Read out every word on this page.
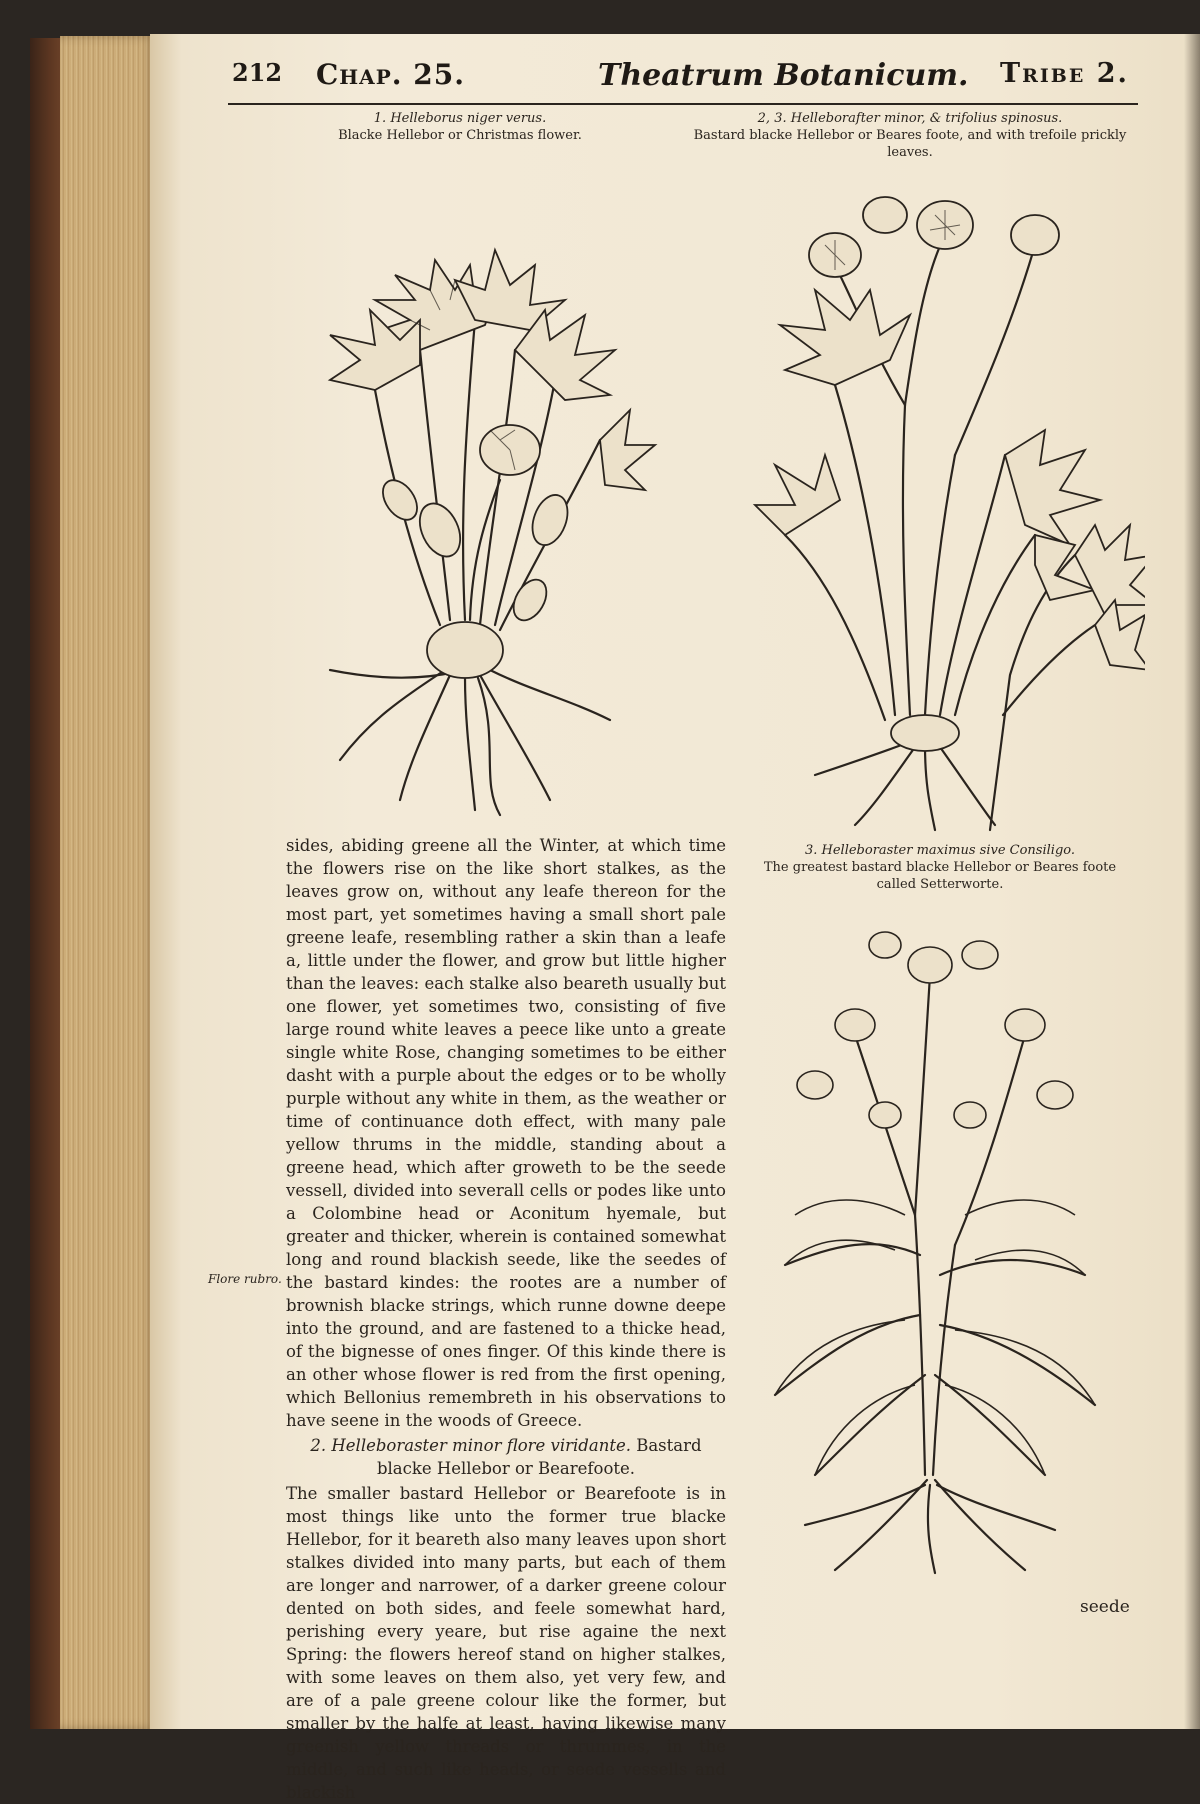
212 Chap. 25.	Theatrum Botanicum. Tribe 2.
1. Helleborus niger verus.
Blacke Hellebor or Christmas flower.
2, 3. Helleborafter minor, & trifolius spinosus.
Bastard blacke Hellebor or Beares foote, and with trefoile prickly leaves.
3. Helleboraster maximus sive Consiligo.
The greatest bastard blacke Hellebor or Beares foote called Setterworte.

sides, abiding greene all the Winter, at which time the flowers rise on the like short stalkes, as the leaves grow on, without any leafe thereon for the most part, yet sometimes having a small short pale greene leafe, resembling rather a skin than a leafe a, little under the flower, and grow but little higher than the leaves: each stalke also beareth usually but one flower, yet sometimes two, consisting of five large round white leaves a peece like unto a greate single white Rose, changing sometimes to be either dasht with a purple about the edges or to be wholly purple without any white in them, as the weather or time of continuance doth effect, with many pale yellow thrums in the middle, standing about a greene head, which after groweth to be the seede vessell, divided into severall cells or podes like unto a Colombine head or Aconitum hyemale, but greater and thicker, wherein is contained somewhat long and round blackish seede, like the seedes of the bastard kindes: the rootes are a number of brownish blacke strings, which runne downe deepe into the ground, and are fastened to a thicke head, of the bignesse of ones finger. Of this kinde there is an other whose flower is red from the first opening, which Bellonius remembreth in his observations to have seene in the woods of Greece.

2. Helleboraster minor flore viridante. Bastard blacke Hellebor or Bearefoote.

The smaller bastard Hellebor or Bearefoote is in most things like unto the former true blacke Hellebor, for it beareth also many leaves upon short stalkes divided into many parts, but each of them are longer and narrower, of a darker greene colour dented on both sides, and feele somewhat hard, perishing every yeare, but rise againe the next Spring: the flowers hereof stand on higher stalkes, with some leaves on them also, yet very few, and are of a pale greene colour like the former, but smaller by the halfe at least, having likewise many greenish yellow threads or thrummes, in the middle, and such like heads, or seede vessells and blackish

Flore rubro.
seede
